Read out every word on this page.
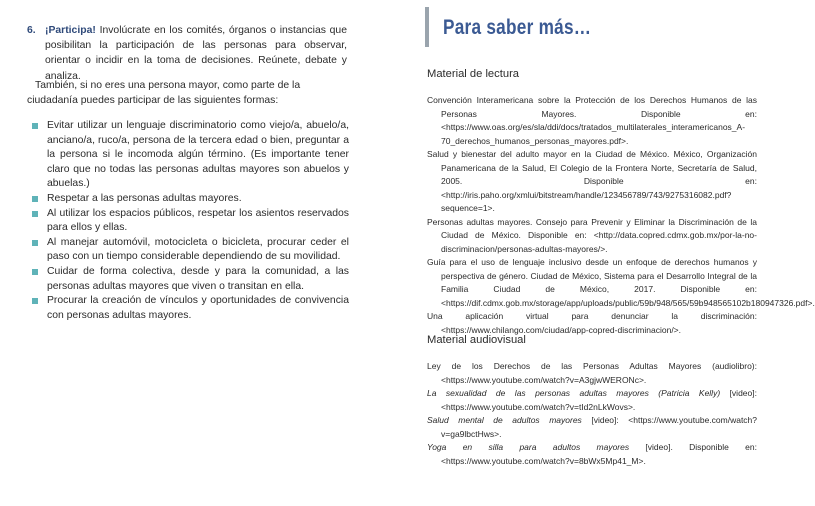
6. ¡Participa! Involúcrate en los comités, órganos o instancias que posibilitan la participación de las personas para observar, orientar o incidir en la toma de decisiones. Reúnete, debate y analiza.
También, si no eres una persona mayor, como parte de la ciudadanía puedes participar de las siguientes formas:
Evitar utilizar un lenguaje discriminatorio como viejo/a, abuelo/a, anciano/a, ruco/a, persona de la tercera edad o bien, preguntar a la persona si le incomoda algún término. (Es importante tener claro que no todas las personas adultas mayores son abuelos y abuelas.)
Respetar a las personas adultas mayores.
Al utilizar los espacios públicos, respetar los asientos reservados para ellos y ellas.
Al manejar automóvil, motocicleta o bicicleta, procurar ceder el paso con un tiempo considerable dependiendo de su movilidad.
Cuidar de forma colectiva, desde y para la comunidad, a las personas adultas mayores que viven o transitan en ella.
Procurar la creación de vínculos y oportunidades de convivencia con personas adultas mayores.
Para saber más…
Material de lectura
Convención Interamericana sobre la Protección de los Derechos Humanos de las Personas Mayores. Disponible en: <https://www.oas.org/es/sla/ddi/docs/tratados_multilaterales_interamericanos_A-70_derechos_humanos_personas_mayores.pdf>.
Salud y bienestar del adulto mayor en la Ciudad de México. México, Organización Panamericana de la Salud, El Colegio de la Frontera Norte, Secretaría de Salud, 2005. Disponible en: <http://iris.paho.org/xmlui/bitstream/handle/123456789/743/9275316082.pdf?sequence=1>.
Personas adultas mayores. Consejo para Prevenir y Eliminar la Discriminación de la Ciudad de México. Disponible en: <http://data.copred.cdmx.gob.mx/por-la-no-discriminacion/personas-adultas-mayores/>.
Guía para el uso de lenguaje inclusivo desde un enfoque de derechos humanos y perspectiva de género. Ciudad de México, Sistema para el Desarrollo Integral de la Familia Ciudad de México, 2017. Disponible en: <https://dif.cdmx.gob.mx/storage/app/uploads/public/59b/948/565/59b948565102b180947326.pdf>.
Una aplicación virtual para denunciar la discriminación: <https://www.chilango.com/ciudad/app-copred-discriminacion/>.
Material audiovisual
Ley de los Derechos de las Personas Adultas Mayores (audiolibro): <https://www.youtube.com/watch?v=A3gjwWERONc>.
La sexualidad de las personas adultas mayores (Patricia Kelly) [video]: <https://www.youtube.com/watch?v=tId2nLkWovs>.
Salud mental de adultos mayores [video]: <https://www.youtube.com/watch?v=ga9lbctHws>.
Yoga en silla para adultos mayores [video]. Disponible en: <https://www.youtube.com/watch?v=8bWx5Mp41_M>.
